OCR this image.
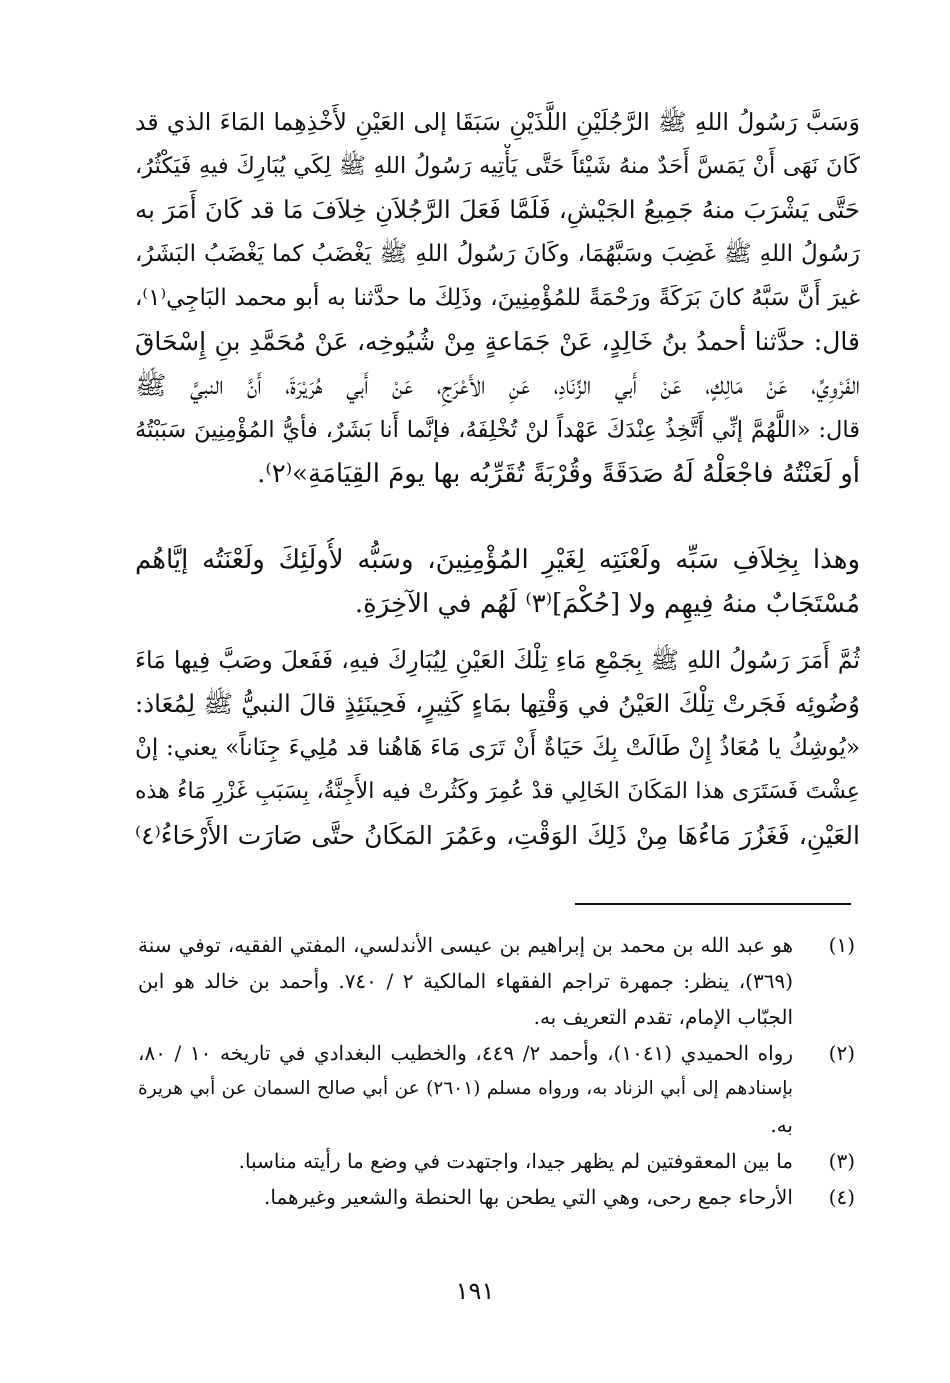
وَسَبَّ رَسُولُ اللهِ ﷺ الرَّجُلَيْنِ اللَّذَيْنِ سَبَقَا إلى العَيْنِ لأَخْذِهِما المَاءَ الذي قد
كَانَ نَهَى أَنْ يَمَسَّ أَحَدٌ منهُ شَيْئاً حَتَّى يَأْتِيه رَسُولُ اللهِ ﷺ لِكَي يُبَارِكَ فيهِ فَيَكْثُرُ،
حَتَّى يَشْرَبَ منهُ جَمِيعُ الجَيْشِ، فَلَمَّا فَعَلَ الرَّجُلاَنِ خِلاَفَ مَا قد كَانَ أَمَرَ به
رَسُولُ اللهِ ﷺ غَضِبَ وسَبَّهُمَا، وكَانَ رَسُولُ اللهِ ﷺ يَغْضَبُ كما يَغْضَبُ البَشَرُ،
غيرَ أَنَّ سَبَّهُ كانَ بَرَكَةً ورَحْمَةً للمُؤْمِنِينَ، وذَلِكَ ما حدَّثنا به أبو محمد البَاجِي⁽١⁾،
قال: حدَّثنا أحمدُ بنُ خَالِدٍ، عَنْ جَمَاعةٍ مِنْ شُيُوخِه، عَنْ مُحَمَّدِ بنِ إِسْحَاقَ
الفَرْوِيِّ، عَنْ مَالِكٍ، عَنْ أَبي الزِّنَادِ، عَنِ الأَعْرَجِ، عَنْ أَبي هُرَيْرَةَ، أَنَّ النبيَّ ﷺ
قال: «اللَّهُمَّ إنِّي أَتَّخِذُ عِنْدَكَ عَهْداً لنْ تُخْلِفَهُ، فإنَّما أَنا بَشَرٌ، فأيُّ المُؤْمِنِينَ سَبَبْتُهُ
أو لَعَنْتُهُ فاجْعَلْهُ لَهُ صَدَقَةً وقُرْبَةً تُقَرِّبُه بها يومَ القِيَامَةِ»⁽٢⁾.
وهذا بِخِلاَفِ سَبِّه ولَعْنَتِه لِغَيْرِ المُؤْمِنِينَ، وسَبُّه لأُولَئِكَ ولَعْنَتُه إيَّاهُم
مُسْتَجَابٌ منهُ فِيهِم ولا [حُكْمَ]⁽٣⁾ لَهُم في الآخِرَةِ.
ثُمَّ أَمَرَ رَسُولُ اللهِ ﷺ بِجَمْعِ مَاءِ تِلْكَ العَيْنِ لِيُبَارِكَ فيهِ، فَفَعلَ وصَبَّ فِيها مَاءَ
وُضُوئِه فَجَرتْ تِلْكَ العَيْنُ في وَقْتِها بمَاءٍ كَثِيرٍ، فَحِينَئِذٍ قالَ النبيُّ ﷺ لِمُعَاذ:
«يُوشِكُ يا مُعَاذُ إِنْ طَالَتْ بِكَ حَيَاةٌ أَنْ تَرَى مَاءَ هَاهُنا قد مُلِيءَ جِنَاناً» يعني: إنْ
عِشْتَ فَسَتَرَى هذا المَكَانَ الخَالِي قدْ عُمِرَ وكَثُرتْ فيه الأَجِنَّةُ، بِسَبَبِ غَزْرِ مَاءُ هذه
العَيْنِ، فَغَزُرَ مَاءُهَا مِنْ ذَلِكَ الوَقْتِ، وعَمُرَ المَكَانُ حتَّى صَارَت الأَرْحَاءُ⁽٤⁾
(١)
هو عبد الله بن محمد بن إبراهيم بن عيسى الأندلسي، المفتي الفقيه، توفي سنة
(٣٦٩)، ينظر: جمهرة تراجم الفقهاء المالكية ٢ / ٧٤٠. وأحمد بن خالد هو ابن
الجبّاب الإمام، تقدم التعريف به.
(٢)
رواه الحميدي (١٠٤١)، وأحمد ٢/ ٤٤٩، والخطيب البغدادي في تاريخه ١٠ / ٨٠،
بإسنادهم إلى أبي الزناد به، ورواه مسلم (٢٦٠١) عن أبي صالح السمان عن أبي هريرة
به.
(٣)
ما بين المعقوفتين لم يظهر جيدا، واجتهدت في وضع ما رأيته مناسبا.
(٤)
الأرحاء جمع رحى، وهي التي يطحن بها الحنطة والشعير وغيرهما.
١٩١
